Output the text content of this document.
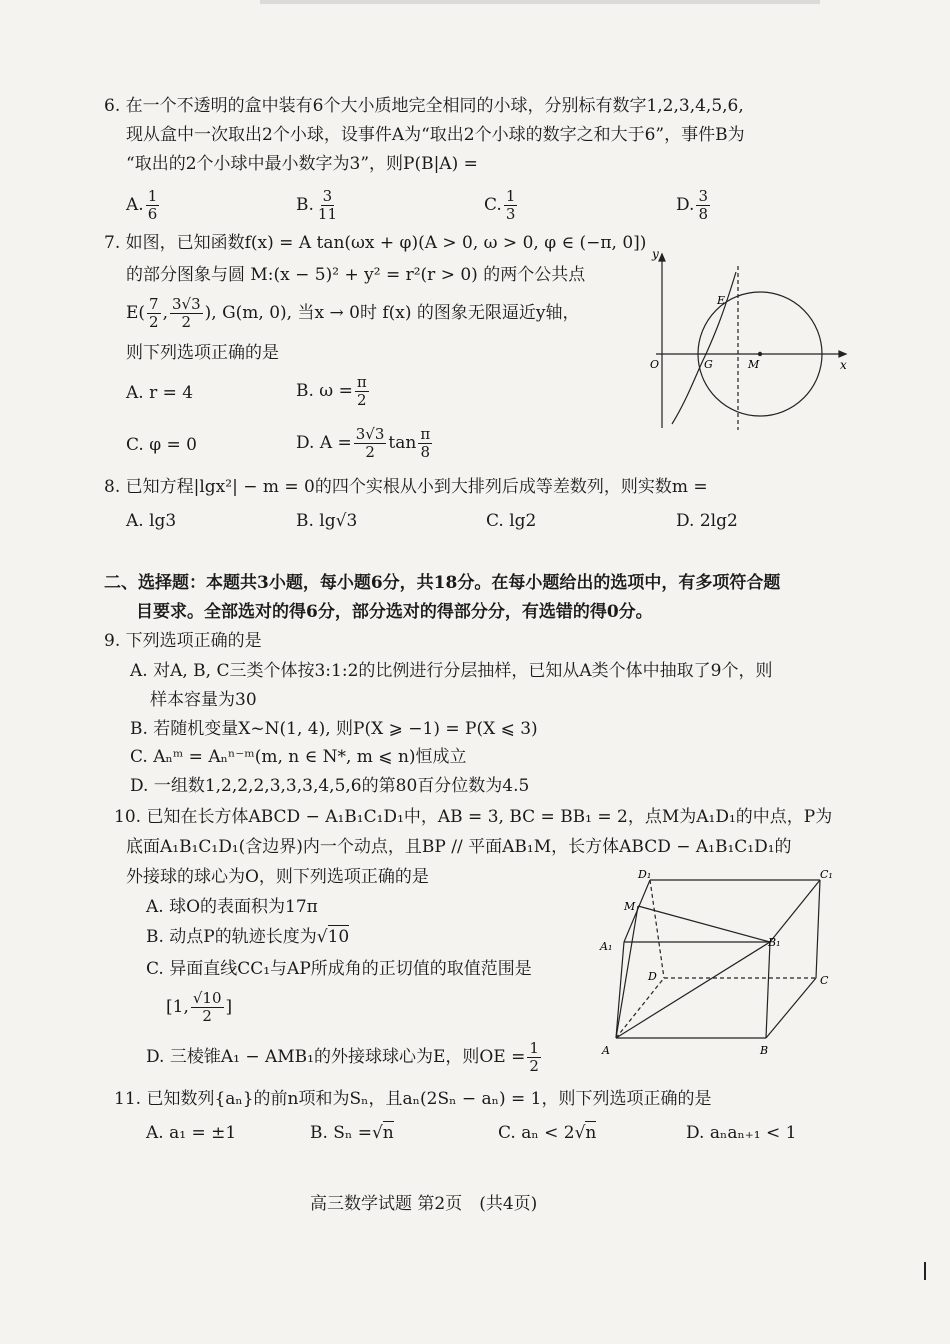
6. 在一个不透明的盒中装有6个大小质地完全相同的小球，分别标有数字1,2,3,4,5,6,
现从盒中一次取出2个小球，设事件A为“取出2个小球的数字之和大于6”，事件B为
“取出的2个小球中最小数字为3”，则P(B|A) =
A. $\frac{1}{6}$	B. $\frac{3}{11}$	C. $\frac{1}{3}$	D. $\frac{3}{8}$
7. 如图，已知函数f(x) = A tan(ωx + φ)(A > 0, ω > 0, φ ∈ (−π, 0])
的部分图象与圆 M:(x − 5)² + y² = r²(r > 0) 的两个公共点
$E( \frac{7}{2}$ , $\frac{3√3}{2}$ ), G(m, 0), 当x → 0时 f(x) 的图象无限逼近y轴，
则下列选项正确的是
A. r = 4	B. $\omega = \frac{\pi}{2}$
C. φ = 0	D. $A = \frac{3√3}{2}$ $\tan \frac{\pi}{8}$
y
x
O	G	M
E
8. 已知方程|lgx²| − m = 0的四个实根从小到大排列后成等差数列，则实数m =
A. lg3	B. lg√3	C. lg2	D. 2lg2
二、选择题：本题共3小题，每小题6分，共18分。在每小题给出的选项中，有多项符合题
目要求。全部选对的得6分，部分选对的得部分分，有选错的得0分。
9. 下列选项正确的是
A. 对A, B, C三类个体按3:1:2的比例进行分层抽样，已知从A类个体中抽取了9个，则
样本容量为30
B. 若随机变量X~N(1, 4), 则P(X ⩾ −1) = P(X ⩽ 3)
C. Aₙᵐ = Aₙⁿ⁻ᵐ(m, n ∈ N*, m ⩽ n)恒成立
D. 一组数1,2,2,2,3,3,3,4,5,6的第80百分位数为4.5
10. 已知在长方体ABCD − A₁B₁C₁D₁中，AB = 3, BC = BB₁ = 2，点M为A₁D₁的中点，P为
底面A₁B₁C₁D₁(含边界)内一个动点，且BP // 平面AB₁M，长方体ABCD − A₁B₁C₁D₁的
外接球的球心为O，则下列选项正确的是
A. 球O的表面积为17π
B. 动点P的轨迹长度为√10
C. 异面直线CC₁与AP所成角的正切值的取值范围是
[1, $\frac{√10}{2}$ ]
D. 三棱锥A₁ − AMB₁的外接球球心为E，则OE = $\frac{1}{2}$
D₁	C₁
M
A₁	B₁
D	C
A	B
11. 已知数列{aₙ}的前n项和为Sₙ，且aₙ(2Sₙ − aₙ) = 1，则下列选项正确的是
A. a₁ = ±1	B. Sₙ =√n	C. aₙ < 2√n	D. aₙaₙ₊₁ < 1
高三数学试题 第2页　(共4页)
